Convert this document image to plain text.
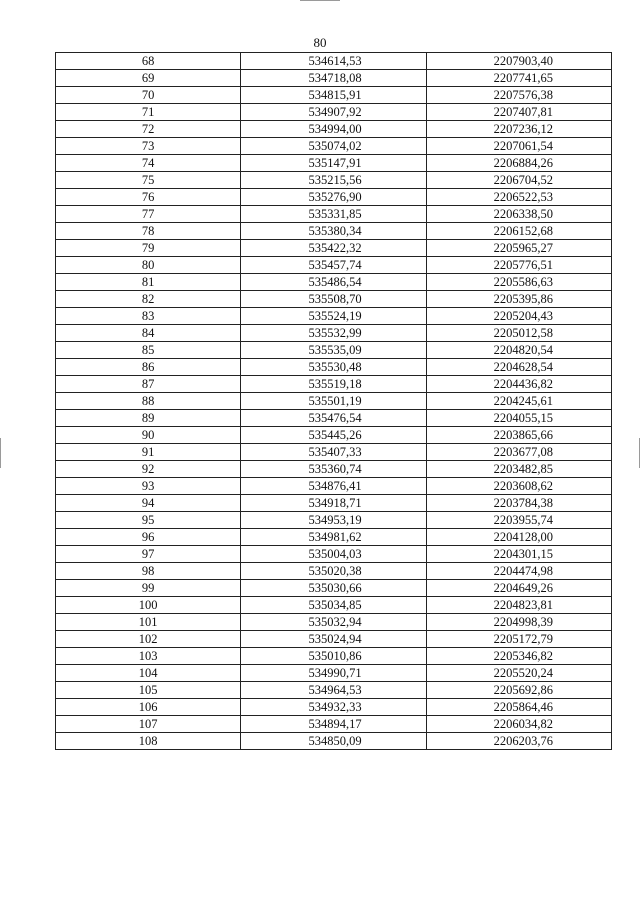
80
68	534614,53	2207903,40
69	534718,08	2207741,65
70	534815,91	2207576,38
71	534907,92	2207407,81
72	534994,00	2207236,12
73	535074,02	2207061,54
74	535147,91	2206884,26
75	535215,56	2206704,52
76	535276,90	2206522,53
77	535331,85	2206338,50
78	535380,34	2206152,68
79	535422,32	2205965,27
80	535457,74	2205776,51
81	535486,54	2205586,63
82	535508,70	2205395,86
83	535524,19	2205204,43
84	535532,99	2205012,58
85	535535,09	2204820,54
86	535530,48	2204628,54
87	535519,18	2204436,82
88	535501,19	2204245,61
89	535476,54	2204055,15
90	535445,26	2203865,66
91	535407,33	2203677,08
92	535360,74	2203482,85
93	534876,41	2203608,62
94	534918,71	2203784,38
95	534953,19	2203955,74
96	534981,62	2204128,00
97	535004,03	2204301,15
98	535020,38	2204474,98
99	535030,66	2204649,26
100	535034,85	2204823,81
101	535032,94	2204998,39
102	535024,94	2205172,79
103	535010,86	2205346,82
104	534990,71	2205520,24
105	534964,53	2205692,86
106	534932,33	2205864,46
107	534894,17	2206034,82
108	534850,09	2206203,76
